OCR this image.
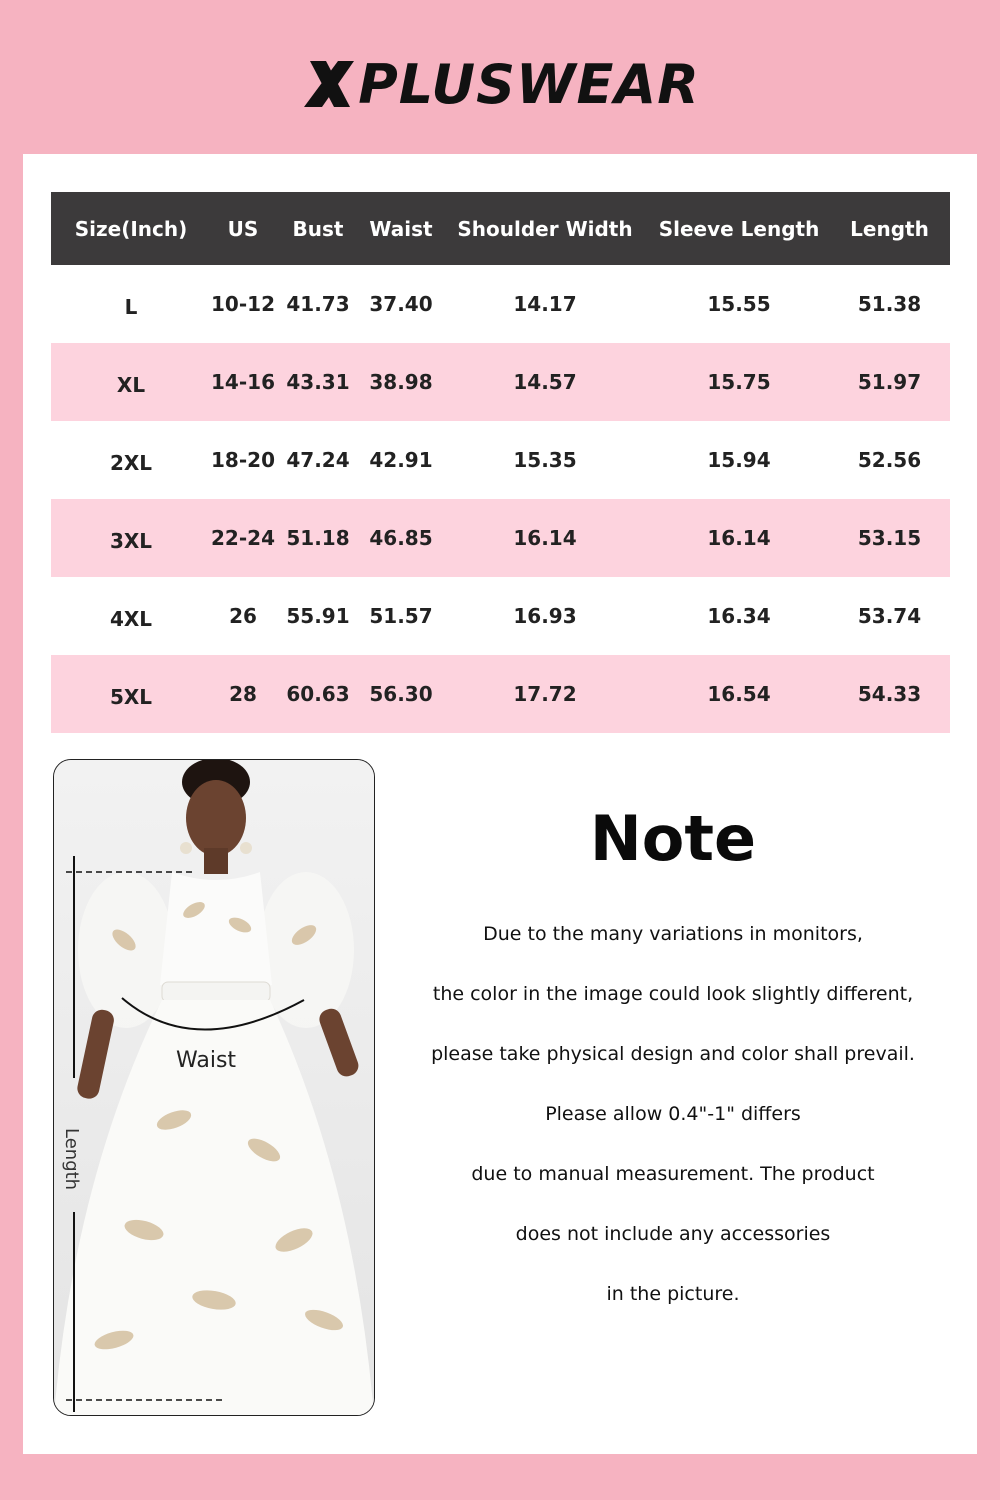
PLUSWEAR
Size(Inch)	US	Bust	Waist	Shoulder Width	Sleeve Length	Length
L	10-12	41.73	37.40	14.17	15.55	51.38
XL	14-16	43.31	38.98	14.57	15.75	51.97
2XL	18-20	47.24	42.91	15.35	15.94	52.56
3XL	22-24	51.18	46.85	16.14	16.14	53.15
4XL	26	55.91	51.57	16.93	16.34	53.74
5XL	28	60.63	56.30	17.72	16.54	54.33
Waist
Length
Note
Due to the many variations in monitors,
the color in the image could look slightly different,
please take physical design and color shall prevail.
Please allow 0.4"-1" differs
due to manual measurement. The product
does not include any accessories
in the picture.
